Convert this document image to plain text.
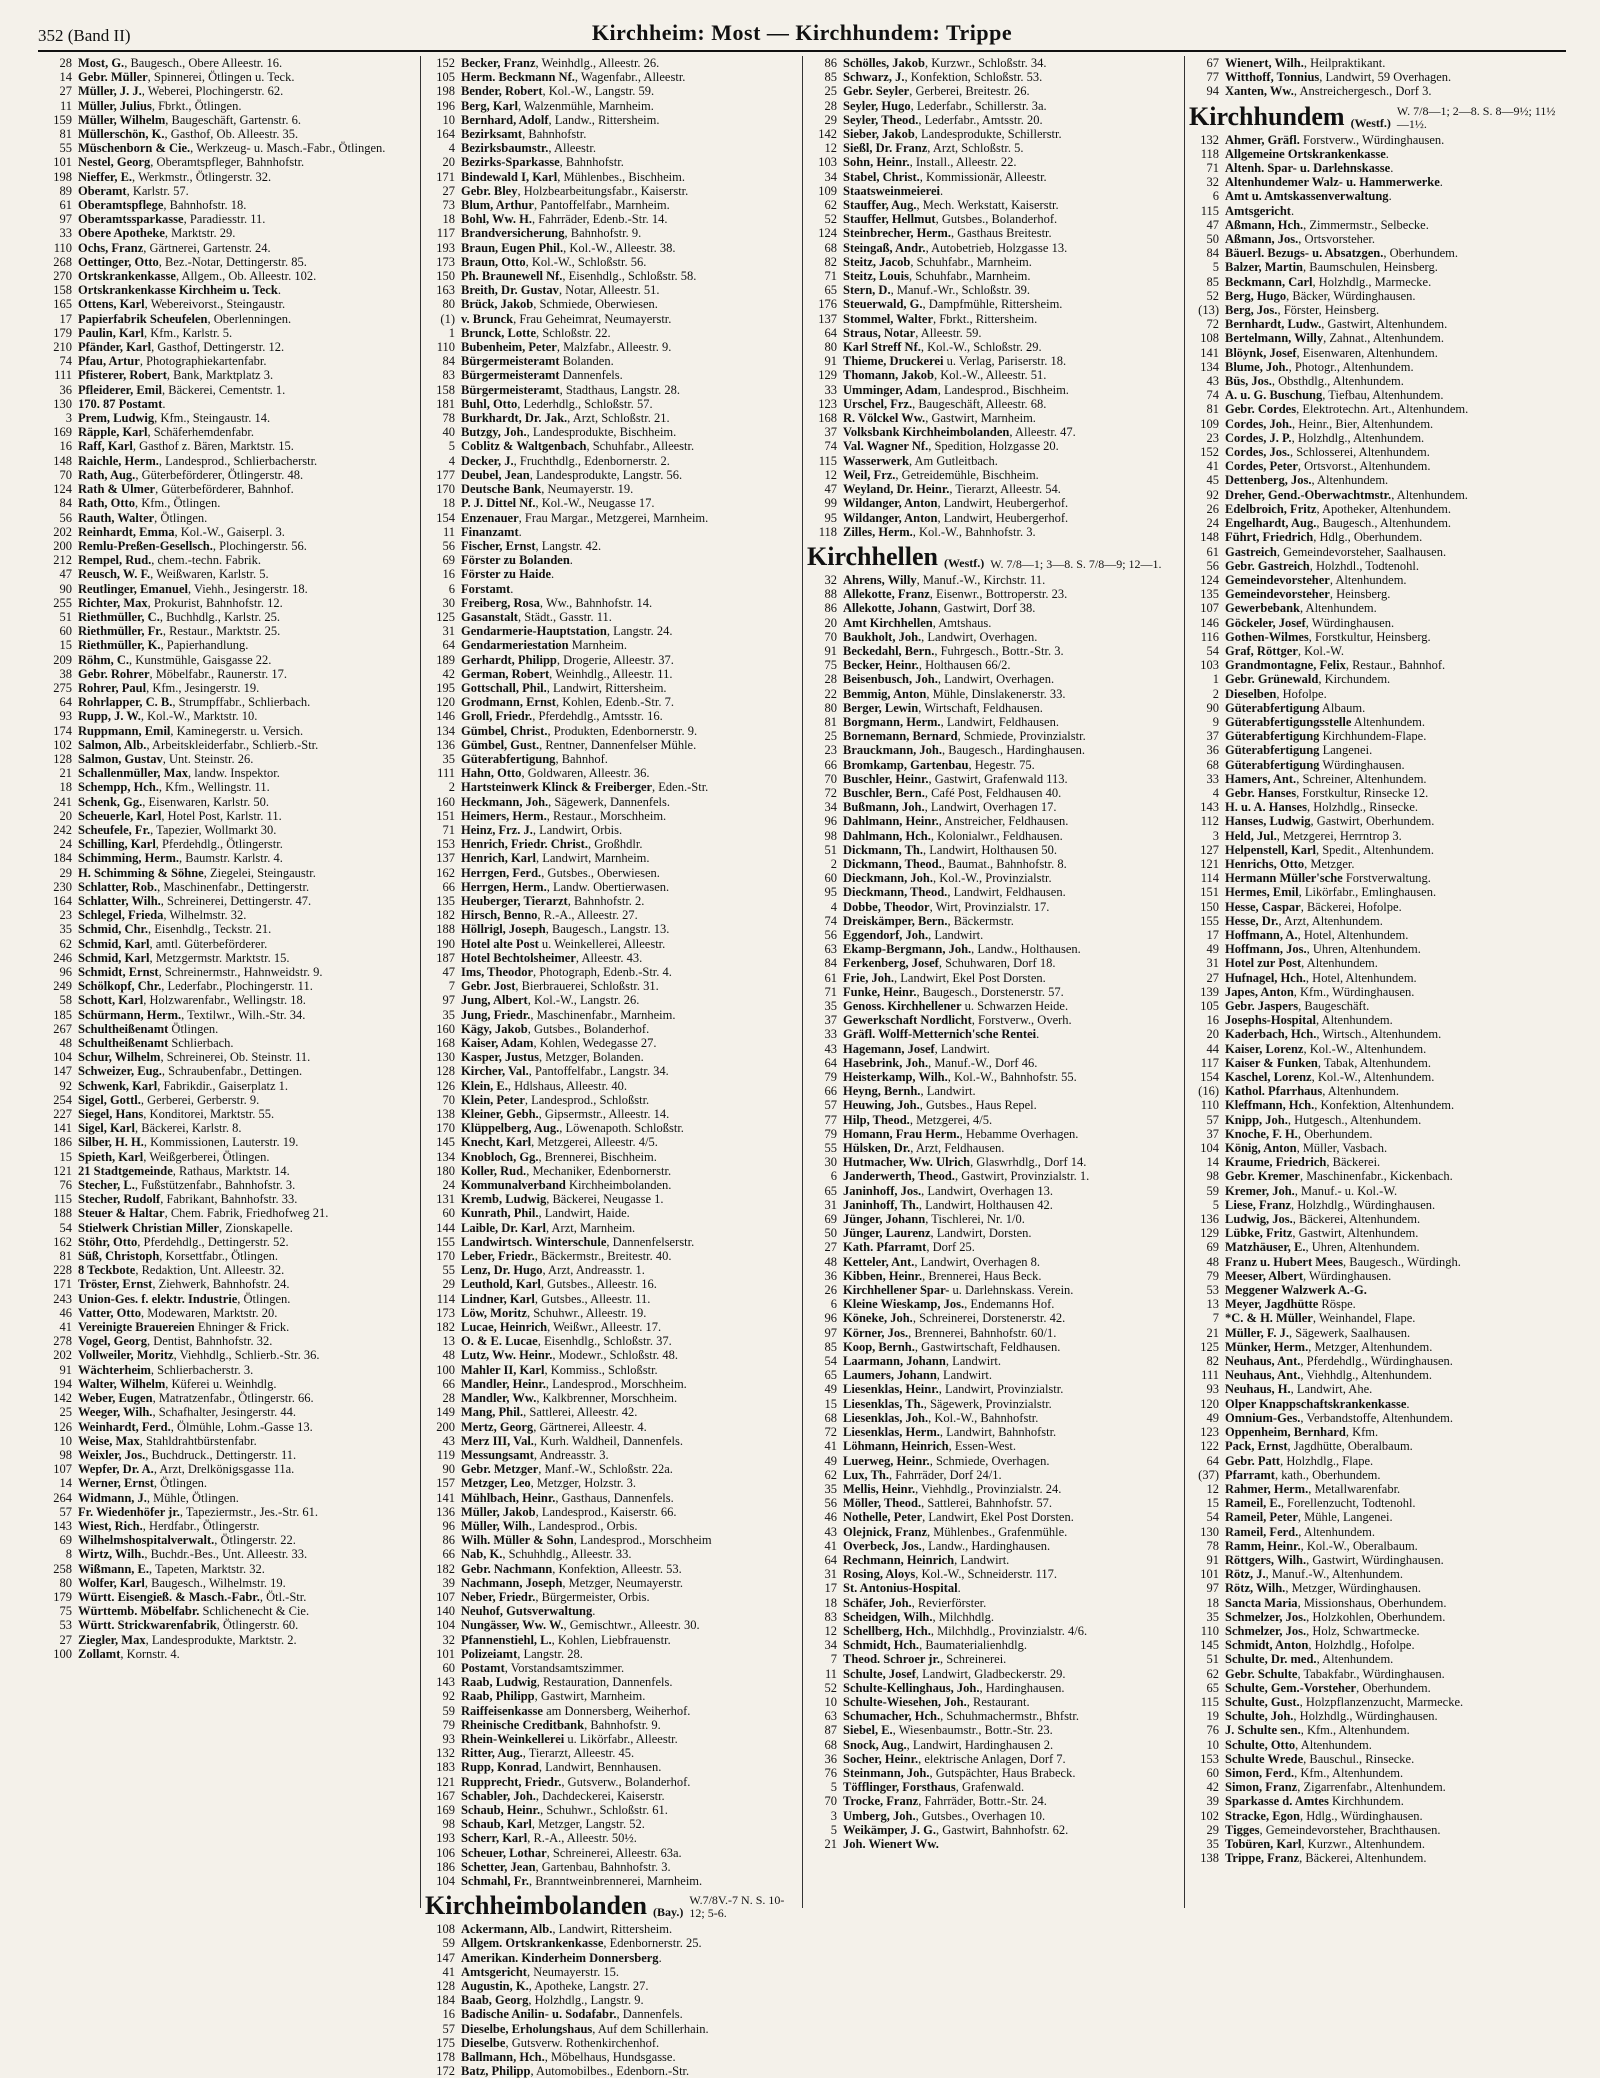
352 (Band II)	Kirchheim: Most — Kirchhundem: Trippe
28 Most, G., Baugesch., Obere Alleestr. 16.
14 Gebr. Müller, Spinnerei, Ötlingen u. Teck.
27 Müller, J. J., Weberei, Plochingerstr. 62.
11 Müller, Julius, Fbrkt., Ötlingen.
159 Müller, Wilhelm, Baugeschäft, Gartenstr. 6.
81 Müllerschön, K., Gasthof, Ob. Alleestr. 35.
55 Müschenborn & Cie., Werkzeug- u. Masch.-Fabr., Ötlingen.
101 Nestel, Georg, Oberamtspfleger, Bahnhofstr.
198 Nieffer, E., Werkmstr., Ötlingerstr. 32.
89 Oberamt, Karlstr. 57.
61 Oberamtspflege, Bahnhofstr. 18.
97 Oberamtssparkasse, Paradiesstr. 11.
33 Obere Apotheke, Marktstr. 29.
110 Ochs, Franz, Gärtnerei, Gartenstr. 24.
268 Oettinger, Otto, Bez.-Notar, Dettingerstr. 85.
270 Ortskrankenkasse, Allgem., Ob. Alleestr. 102.
158 Ortskrankenkasse Kirchheim u. Teck.
165 Ottens, Karl, Webereivorst., Steingaustr.
17 Papierfabrik Scheufelen, Oberlenningen.
179 Paulin, Karl, Kfm., Karlstr. 5.
210 Pfänder, Karl, Gasthof, Dettingerstr. 12.
74 Pfau, Artur, Photographiekartenfabr.
111 Pfisterer, Robert, Bank, Marktplatz 3.
36 Pfleiderer, Emil, Bäckerei, Cementstr. 1.
130 170. 87 Postamt.
3 Prem, Ludwig, Kfm., Steingaustr. 14.
169 Räpple, Karl, Schäferhemdenfabr.
16 Raff, Karl, Gasthof z. Bären, Marktstr. 15.
148 Raichle, Herm., Landesprod., Schlierbacherstr.
70 Rath, Aug., Güterbeförderer, Ötlingerstr. 48.
124 Rath & Ulmer, Güterbeförderer, Bahnhof.
84 Rath, Otto, Kfm., Ötlingen.
56 Rauth, Walter, Ötlingen.
202 Reinhardt, Emma, Kol.-W., Gaiserpl. 3.
200 Remlu-Preßen-Gesellsch., Plochingerstr. 56.
212 Rempel, Rud., chem.-techn. Fabrik.
47 Reusch, W. F., Weißwaren, Karlstr. 5.
90 Reutlinger, Emanuel, Viehh., Jesingerstr. 18.
255 Richter, Max, Prokurist, Bahnhofstr. 12.
51 Riethmüller, C., Buchhdlg., Karlstr. 25.
60 Riethmüller, Fr., Restaur., Marktstr. 25.
15 Riethmüller, K., Papierhandlung.
209 Röhm, C., Kunstmühle, Gaisgasse 22.
38 Gebr. Rohrer, Möbelfabr., Raunerstr. 17.
275 Rohrer, Paul, Kfm., Jesingerstr. 19.
64 Rohrlapper, C. B., Strumpffabr., Schlierbach.
93 Rupp, J. W., Kol.-W., Marktstr. 10.
174 Ruppmann, Emil, Kaminegerstr. u. Versich.
102 Salmon, Alb., Arbeitskleiderfabr., Schlierb.-Str.
128 Salmon, Gustav, Unt. Steinstr. 26.
21 Schallenmüller, Max, landw. Inspektor.
18 Schempp, Hch., Kfm., Wellingstr. 11.
241 Schenk, Gg., Eisenwaren, Karlstr. 50.
20 Scheuerle, Karl, Hotel Post, Karlstr. 11.
242 Scheufele, Fr., Tapezier, Wollmarkt 30.
24 Schilling, Karl, Pferdehdlg., Ötlingerstr.
184 Schimming, Herm., Baumstr. Karlstr. 4.
29 H. Schimming & Söhne, Ziegelei, Steingaustr.
230 Schlatter, Rob., Maschinenfabr., Dettingerstr.
164 Schlatter, Wilh., Schreinerei, Dettingerstr. 47.
23 Schlegel, Frieda, Wilhelmstr. 32.
35 Schmid, Chr., Eisenhdlg., Teckstr. 21.
62 Schmid, Karl, amtl. Güterbeförderer.
246 Schmid, Karl, Metzgermstr. Marktstr. 15.
96 Schmidt, Ernst, Schreinermstr., Hahnweidstr. 9.
249 Schölkopf, Chr., Lederfabr., Plochingerstr. 11.
58 Schott, Karl, Holzwarenfabr., Wellingstr. 18.
185 Schürmann, Herm., Textilwr., Wilh.-Str. 34.
267 Schultheißenamt Ötlingen.
48 Schultheißenamt Schlierbach.
104 Schur, Wilhelm, Schreinerei, Ob. Steinstr. 11.
147 Schweizer, Eug., Schraubenfabr., Dettingen.
92 Schwenk, Karl, Fabrikdir., Gaiserplatz 1.
254 Sigel, Gottl., Gerberei, Gerberstr. 9.
227 Siegel, Hans, Konditorei, Marktstr. 55.
141 Sigel, Karl, Bäckerei, Karlstr. 8.
186 Silber, H. H., Kommissionen, Lauterstr. 19.
15 Spieth, Karl, Weißgerberei, Ötlingen.
121 21 Stadtgemeinde, Rathaus, Marktstr. 14.
76 Stecher, L., Fußstützenfabr., Bahnhofstr. 3.
115 Stecher, Rudolf, Fabrikant, Bahnhofstr. 33.
188 Steuer & Haltar, Chem. Fabrik, Friedhofweg 21.
54 Stielwerk Christian Miller, Zionskapelle.
162 Stöhr, Otto, Pferdehdlg., Dettingerstr. 52.
81 Süß, Christoph, Korsettfabr., Ötlingen.
228 8 Teckbote, Redaktion, Unt. Alleestr. 32.
171 Tröster, Ernst, Ziehwerk, Bahnhofstr. 24.
243 Union-Ges. f. elektr. Industrie, Ötlingen.
46 Vatter, Otto, Modewaren, Marktstr. 20.
41 Vereinigte Brauereien Ehninger & Frick.
278 Vogel, Georg, Dentist, Bahnhofstr. 32.
202 Vollweiler, Moritz, Viehhdlg., Schlierb.-Str. 36.
91 Wächterheim, Schlierbacherstr. 3.
194 Walter, Wilhelm, Küferei u. Weinhdlg.
142 Weber, Eugen, Matratzenfabr., Ötlingerstr. 66.
25 Weeger, Wilh., Schafhalter, Jesingerstr. 44.
126 Weinhardt, Ferd., Ölmühle, Lohm.-Gasse 13.
10 Weise, Max, Stahldrahtbürstenfabr.
98 Weixler, Jos., Buchdruck., Dettingerstr. 11.
107 Wepfer, Dr. A., Arzt, Drelkönigsgasse 11a.
14 Werner, Ernst, Ötlingen.
264 Widmann, J., Mühle, Ötlingen.
57 Fr. Wiedenhöfer jr., Tapeziermstr., Jes.-Str. 61.
143 Wiest, Rich., Herdfabr., Ötlingerstr.
69 Wilhelmshospitalverwalt., Ötlingerstr. 22.
8 Wirtz, Wilh., Buchdr.-Bes., Unt. Alleestr. 33.
258 Wißmann, E., Tapeten, Marktstr. 32.
80 Wolfer, Karl, Baugesch., Wilhelmstr. 19.
179 Württ. Eisengieß. & Masch.-Fabr., Ötl.-Str.
75 Württemb. Möbelfabr. Schlichenecht & Cie.
53 Württ. Strickwarenfabrik, Ötlingerstr. 60.
27 Ziegler, Max, Landesprodukte, Marktstr. 2.
100 Zollamt, Kornstr. 4.
152 Becker, Franz, Weinhdlg., Alleestr. 26.
105 Herm. Beckmann Nf., Wagenfabr., Alleestr.
198 Bender, Robert, Kol.-W., Langstr. 59.
196 Berg, Karl, Walzenmühle, Marnheim.
10 Bernhard, Adolf, Landw., Rittersheim.
164 Bezirksamt, Bahnhofstr.
4 Bezirksbaumstr., Alleestr.
20 Bezirks-Sparkasse, Bahnhofstr.
171 Bindewald I, Karl, Mühlenbes., Bischheim.
27 Gebr. Bley, Holzbearbeitungsfabr., Kaiserstr.
73 Blum, Arthur, Pantoffelfabr., Marnheim.
18 Bohl, Ww. H., Fahrräder, Edenb.-Str. 14.
117 Brandversicherung, Bahnhofstr. 9.
193 Braun, Eugen Phil., Kol.-W., Alleestr. 38.
173 Braun, Otto, Kol.-W., Schloßstr. 56.
150 Ph. Braunewell Nf., Eisenhdlg., Schloßstr. 58.
163 Breith, Dr. Gustav, Notar, Alleestr. 51.
80 Brück, Jakob, Schmiede, Oberwiesen.
(1) v. Brunck, Frau Geheimrat, Neumayerstr.
1 Brunck, Lotte, Schloßstr. 22.
110 Bubenheim, Peter, Malzfabr., Alleestr. 9.
84 Bürgermeisteramt Bolanden.
83 Bürgermeisteramt Dannenfels.
158 Bürgermeisteramt, Stadthaus, Langstr. 28.
181 Buhl, Otto, Lederhdlg., Schloßstr. 57.
78 Burkhardt, Dr. Jak., Arzt, Schloßstr. 21.
40 Butzgy, Joh., Landesprodukte, Bischheim.
5 Coblitz & Waltgenbach, Schuhfabr., Alleestr.
4 Decker, J., Fruchthdlg., Edenbornerstr. 2.
177 Deubel, Jean, Landesprodukte, Langstr. 56.
170 Deutsche Bank, Neumayerstr. 19.
18 P. J. Dittel Nf., Kol.-W., Neugasse 17.
154 Enzenauer, Frau Margar., Metzgerei, Marnheim.
11 Finanzamt.
56 Fischer, Ernst, Langstr. 42.
69 Förster zu Bolanden.
16 Förster zu Haide.
6 Forstamt.
30 Freiberg, Rosa, Ww., Bahnhofstr. 14.
125 Gasanstalt, Städt., Gasstr. 11.
31 Gendarmerie-Hauptstation, Langstr. 24.
64 Gendarmeriestation Marnheim.
189 Gerhardt, Philipp, Drogerie, Alleestr. 37.
42 German, Robert, Weinhdlg., Alleestr. 11.
195 Gottschall, Phil., Landwirt, Rittersheim.
120 Grodmann, Ernst, Kohlen, Edenb.-Str. 7.
146 Groll, Friedr., Pferdehdlg., Amtsstr. 16.
134 Gümbel, Christ., Produkten, Edenbornerstr. 9.
136 Gümbel, Gust., Rentner, Dannenfelser Mühle.
35 Güterabfertigung, Bahnhof.
111 Hahn, Otto, Goldwaren, Alleestr. 36.
2 Hartsteinwerk Klinck & Freiberger, Eden.-Str.
160 Heckmann, Joh., Sägewerk, Dannenfels.
151 Heimers, Herm., Restaur., Morschheim.
71 Heinz, Frz. J., Landwirt, Orbis.
153 Henrich, Friedr. Christ., Großhdlr.
137 Henrich, Karl, Landwirt, Marnheim.
162 Herrgen, Ferd., Gutsbes., Oberwiesen.
66 Herrgen, Herm., Landw. Obertierwasen.
135 Heuberger, Tierarzt, Bahnhofstr. 2.
182 Hirsch, Benno, R.-A., Alleestr. 27.
188 Höllrigl, Joseph, Baugesch., Langstr. 13.
190 Hotel alte Post u. Weinkellerei, Alleestr.
187 Hotel Bechtolsheimer, Alleestr. 43.
47 Ims, Theodor, Photograph, Edenb.-Str. 4.
7 Gebr. Jost, Bierbrauerei, Schloßstr. 31.
97 Jung, Albert, Kol.-W., Langstr. 26.
35 Jung, Friedr., Maschinenfabr., Marnheim.
160 Kägy, Jakob, Gutsbes., Bolanderhof.
168 Kaiser, Adam, Kohlen, Wedegasse 27.
130 Kasper, Justus, Metzger, Bolanden.
128 Kircher, Val., Pantoffelfabr., Langstr. 34.
126 Klein, E., Hdlshaus, Alleestr. 40.
70 Klein, Peter, Landesprod., Schloßstr.
138 Kleiner, Gebh., Gipsermstr., Alleestr. 14.
170 Klüppelberg, Aug., Löwenapoth. Schloßstr.
145 Knecht, Karl, Metzgerei, Alleestr. 4/5.
134 Knobloch, Gg., Brennerei, Bischheim.
180 Koller, Rud., Mechaniker, Edenbornerstr.
24 Kommunalverband Kirchheimbolanden.
131 Kremb, Ludwig, Bäckerei, Neugasse 1.
60 Kunrath, Phil., Landwirt, Haide.
144 Laible, Dr. Karl, Arzt, Marnheim.
155 Landwirtsch. Winterschule, Dannenfelserstr.
170 Leber, Friedr., Bäckermstr., Breitestr. 40.
55 Lenz, Dr. Hugo, Arzt, Andreasstr. 1.
29 Leuthold, Karl, Gutsbes., Alleestr. 16.
114 Lindner, Karl, Gutsbes., Alleestr. 11.
173 Löw, Moritz, Schuhwr., Alleestr. 19.
182 Lucae, Heinrich, Weißwr., Alleestr. 17.
13 O. & E. Lucae, Eisenhdlg., Schloßstr. 37.
48 Lutz, Ww. Heinr., Modewr., Schloßstr. 48.
100 Mahler II, Karl, Kommiss., Schloßstr.
66 Mandler, Heinr., Landesprod., Morschheim.
28 Mandler, Ww., Kalkbrenner, Morschheim.
149 Mang, Phil., Sattlerei, Alleestr. 42.
200 Mertz, Georg, Gärtnerei, Alleestr. 4.
43 Merz III, Val., Kurh. Waldheil, Dannenfels.
119 Messungsamt, Andreasstr. 3.
90 Gebr. Metzger, Manf.-W., Schloßstr. 22a.
157 Metzger, Leo, Metzger, Holzstr. 3.
141 Mühlbach, Heinr., Gasthaus, Dannenfels.
136 Müller, Jakob, Landesprod., Kaiserstr. 66.
96 Müller, Wilh., Landesprod., Orbis.
86 Wilh. Müller & Sohn, Landesprod., Morschheim
66 Nab, K., Schuhhdlg., Alleestr. 33.
182 Gebr. Nachmann, Konfektion, Alleestr. 53.
39 Nachmann, Joseph, Metzger, Neumayerstr.
107 Neber, Friedr., Bürgermeister, Orbis.
140 Neuhof, Gutsverwaltung.
104 Nungässer, Ww. W., Gemischtwr., Alleestr. 30.
32 Pfannenstiehl, L., Kohlen, Liebfrauenstr.
101 Polizeiamt, Langstr. 28.
60 Postamt, Vorstandsamtszimmer.
143 Raab, Ludwig, Restauration, Dannenfels.
92 Raab, Philipp, Gastwirt, Marnheim.
59 Raiffeisenkasse am Donnersberg, Weiherhof.
79 Rheinische Creditbank, Bahnhofstr. 9.
93 Rhein-Weinkellerei u. Likörfabr., Alleestr.
132 Ritter, Aug., Tierarzt, Alleestr. 45.
183 Rupp, Konrad, Landwirt, Bennhausen.
121 Rupprecht, Friedr., Gutsverw., Bolanderhof.
167 Schabler, Joh., Dachdeckerei, Kaiserstr.
169 Schaub, Heinr., Schuhwr., Schloßstr. 61.
98 Schaub, Karl, Metzger, Langstr. 52.
193 Scherr, Karl, R.-A., Alleestr. 50½.
106 Scheuer, Lothar, Schreinerei, Alleestr. 63a.
186 Schetter, Jean, Gartenbau, Bahnhofstr. 3.
104 Schmahl, Fr., Branntweinbrennerei, Marnheim.
Kirchheimbolanden (Bay.)
W.7/8V.-7 N. S. 10-12; 5-6.
108 Ackermann, Alb., Landwirt, Rittersheim.
59 Allgem. Ortskrankenkasse, Edenbornerstr. 25.
147 Amerikan. Kinderheim Donnersberg.
41 Amtsgericht, Neumayerstr. 15.
128 Augustin, K., Apotheke, Langstr. 27.
184 Baab, Georg, Holzhdlg., Langstr. 9.
16 Badische Anilin- u. Sodafabr., Dannenfels.
57 Dieselbe, Erholungshaus, Auf dem Schillerhain.
175 Dieselbe, Gutsverw. Rothenkirchenhof.
178 Ballmann, Hch., Möbelhaus, Hundsgasse.
172 Batz, Philipp, Automobilbes., Edenborn.-Str.
86 Schölles, Jakob, Kurzwr., Schloßstr. 34.
85 Schwarz, J., Konfektion, Schloßstr. 53.
25 Gebr. Seyler, Gerberei, Breitestr. 26.
28 Seyler, Hugo, Lederfabr., Schillerstr. 3a.
29 Seyler, Theod., Lederfabr., Amtsstr. 20.
142 Sieber, Jakob, Landesprodukte, Schillerstr.
12 Sießl, Dr. Franz, Arzt, Schloßstr. 5.
103 Sohn, Heinr., Install., Alleestr. 22.
34 Stabel, Christ., Kommissionär, Alleestr.
109 Staatsweinmeierei.
62 Stauffer, Aug., Mech. Werkstatt, Kaiserstr.
52 Stauffer, Hellmut, Gutsbes., Bolanderhof.
124 Steinbrecher, Herm., Gasthaus Breitestr.
68 Steingaß, Andr., Autobetrieb, Holzgasse 13.
82 Steitz, Jacob, Schuhfabr., Marnheim.
71 Steitz, Louis, Schuhfabr., Marnheim.
65 Stern, D., Manuf.-Wr., Schloßstr. 39.
176 Steuerwald, G., Dampfmühle, Rittersheim.
137 Stommel, Walter, Fbrkt., Rittersheim.
64 Straus, Notar, Alleestr. 59.
80 Karl Streff Nf., Kol.-W., Schloßstr. 29.
91 Thieme, Druckerei u. Verlag, Pariserstr. 18.
129 Thomann, Jakob, Kol.-W., Alleestr. 51.
33 Umminger, Adam, Landesprod., Bischheim.
123 Urschel, Frz., Baugeschäft, Alleestr. 68.
168 R. Völckel Ww., Gastwirt, Marnheim.
37 Volksbank Kirchheimbolanden, Alleestr. 47.
74 Val. Wagner Nf., Spedition, Holzgasse 20.
115 Wasserwerk, Am Gutleitbach.
12 Weil, Frz., Getreidemühle, Bischheim.
47 Weyland, Dr. Heinr., Tierarzt, Alleestr. 54.
99 Wildanger, Anton, Landwirt, Heubergerhof.
95 Wildanger, Anton, Landwirt, Heubergerhof.
118 Zilles, Herm., Kol.-W., Bahnhofstr. 3.
Kirchhellen (Westf.) W. 7/8—1; 3—8. S. 7/8—9; 12—1.
32 Ahrens, Willy, Manuf.-W., Kirchstr. 11.
88 Allekotte, Franz, Eisenwr., Bottroperstr. 23.
86 Allekotte, Johann, Gastwirt, Dorf 38.
20 Amt Kirchhellen, Amtshaus.
70 Baukholt, Joh., Landwirt, Overhagen.
91 Beckedahl, Bern., Fuhrgesch., Bottr.-Str. 3.
75 Becker, Heinr., Holthausen 66/2.
28 Beisenbusch, Joh., Landwirt, Overhagen.
22 Bemmig, Anton, Mühle, Dinslakenerstr. 33.
80 Berger, Lewin, Wirtschaft, Feldhausen.
81 Borgmann, Herm., Landwirt, Feldhausen.
25 Bornemann, Bernard, Schmiede, Provinzialstr.
23 Brauckmann, Joh., Baugesch., Hardinghausen.
66 Bromkamp, Gartenbau, Hegestr. 75.
70 Buschler, Heinr., Gastwirt, Grafenwald 113.
72 Buschler, Bern., Café Post, Feldhausen 40.
34 Bußmann, Joh., Landwirt, Overhagen 17.
96 Dahlmann, Heinr., Anstreicher, Feldhausen.
98 Dahlmann, Hch., Kolonialwr., Feldhausen.
51 Dickmann, Th., Landwirt, Holthausen 50.
2 Dickmann, Theod., Baumat., Bahnhofstr. 8.
60 Dieckmann, Joh., Kol.-W., Provinzialstr.
95 Dieckmann, Theod., Landwirt, Feldhausen.
4 Dobbe, Theodor, Wirt, Provinzialstr. 17.
74 Dreiskämper, Bern., Bäckermstr.
56 Eggendorf, Joh., Landwirt.
63 Ekamp-Bergmann, Joh., Landw., Holthausen.
84 Ferkenberg, Josef, Schuhwaren, Dorf 18.
61 Frie, Joh., Landwirt, Ekel Post Dorsten.
71 Funke, Heinr., Baugesch., Dorstenerstr. 57.
35 Genoss. Kirchhellener u. Schwarzen Heide.
37 Gewerkschaft Nordlicht, Forstverw., Overh.
33 Gräfl. Wolff-Metternich'sche Rentei.
43 Hagemann, Josef, Landwirt.
64 Hasebrink, Joh., Manuf.-W., Dorf 46.
79 Heisterkamp, Wilh., Kol.-W., Bahnhofstr. 55.
66 Heyng, Bernh., Landwirt.
57 Heuwing, Joh., Gutsbes., Haus Repel.
77 Hilp, Theod., Metzgerei, 4/5.
79 Homann, Frau Herm., Hebamme Overhagen.
55 Hülsken, Dr., Arzt, Feldhausen.
30 Hutmacher, Ww. Ulrich, Glaswrhdlg., Dorf 14.
6 Janderwerth, Theod., Gastwirt, Provinzialstr. 1.
65 Janinhoff, Jos., Landwirt, Overhagen 13.
31 Janinhoff, Th., Landwirt, Holthausen 42.
69 Jünger, Johann, Tischlerei, Nr. 1/0.
50 Jünger, Laurenz, Landwirt, Dorsten.
27 Kath. Pfarramt, Dorf 25.
48 Ketteler, Ant., Landwirt, Overhagen 8.
36 Kibben, Heinr., Brennerei, Haus Beck.
26 Kirchhellener Spar- u. Darlehnskass. Verein.
6 Kleine Wieskamp, Jos., Endemanns Hof.
96 Köneke, Joh., Schreinerei, Dorstenerstr. 42.
97 Körner, Jos., Brennerei, Bahnhofstr. 60/1.
85 Koop, Bernh., Gastwirtschaft, Feldhausen.
54 Laarmann, Johann, Landwirt.
65 Laumers, Johann, Landwirt.
49 Liesenklas, Heinr., Landwirt, Provinzialstr.
15 Liesenklas, Th., Sägewerk, Provinzialstr.
68 Liesenklas, Joh., Kol.-W., Bahnhofstr.
72 Liesenklas, Herm., Landwirt, Bahnhofstr.
41 Löhmann, Heinrich, Essen-West.
49 Luerweg, Heinr., Schmiede, Overhagen.
62 Lux, Th., Fahrräder, Dorf 24/1.
35 Mellis, Heinr., Viehhdlg., Provinzialstr. 24.
56 Möller, Theod., Sattlerei, Bahnhofstr. 57.
46 Nothelle, Peter, Landwirt, Ekel Post Dorsten.
43 Olejnick, Franz, Mühlenbes., Grafenmühle.
41 Overbeck, Jos., Landw., Hardinghausen.
64 Rechmann, Heinrich, Landwirt.
31 Rosing, Aloys, Kol.-W., Schneiderstr. 117.
17 St. Antonius-Hospital.
18 Schäfer, Joh., Revierförster.
83 Scheidgen, Wilh., Milchhdlg.
12 Schellberg, Hch., Milchhdlg., Provinzialstr. 4/6.
34 Schmidt, Hch., Baumaterialienhdlg.
7 Theod. Schroer jr., Schreinerei.
11 Schulte, Josef, Landwirt, Gladbeckerstr. 29.
52 Schulte-Kellinghaus, Joh., Hardinghausen.
10 Schulte-Wiesehen, Joh., Restaurant.
63 Schumacher, Hch., Schuhmachermstr., Bhfstr.
87 Siebel, E., Wiesenbaumstr., Bottr.-Str. 23.
68 Snock, Aug., Landwirt, Hardinghausen 2.
36 Socher, Heinr., elektrische Anlagen, Dorf 7.
76 Steinmann, Joh., Gutspächter, Haus Brabeck.
5 Töfflinger, Forsthaus, Grafenwald.
70 Trocke, Franz, Fahrräder, Bottr.-Str. 24.
3 Umberg, Joh., Gutsbes., Overhagen 10.
5 Weikämper, J. G., Gastwirt, Bahnhofstr. 62.
21 Joh. Wienert Ww.
67 Wienert, Wilh., Heilpraktikant.
77 Witthoff, Tonnius, Landwirt, 59 Overhagen.
94 Xanten, Ww., Anstreichergesch., Dorf 3.
Kirchhundem (Westf.)
W. 7/8—1; 2—8. S. 8—9½; 11½—1½.
132 Ahmer, Gräfl. Forstverw., Würdinghausen.
118 Allgemeine Ortskrankenkasse.
71 Altenh. Spar- u. Darlehnskasse.
32 Altenhundemer Walz- u. Hammerwerke.
6 Amt u. Amtskassenverwaltung.
115 Amtsgericht.
47 Aßmann, Hch., Zimmermstr., Selbecke.
50 Aßmann, Jos., Ortsvorsteher.
84 Bäuerl. Bezugs- u. Absatzgen., Oberhundem.
5 Balzer, Martin, Baumschulen, Heinsberg.
85 Beckmann, Carl, Holzhdlg., Marmecke.
52 Berg, Hugo, Bäcker, Würdinghausen.
(13) Berg, Jos., Förster, Heinsberg.
72 Bernhardt, Ludw., Gastwirt, Altenhundem.
108 Bertelmann, Willy, Zahnat., Altenhundem.
141 Blöynk, Josef, Eisenwaren, Altenhundem.
134 Blume, Joh., Photogr., Altenhundem.
43 Büs, Jos., Obsthdlg., Altenhundem.
74 A. u. G. Buschung, Tiefbau, Altenhundem.
81 Gebr. Cordes, Elektrotechn. Art., Altenhundem.
109 Cordes, Joh., Heinr., Bier, Altenhundem.
23 Cordes, J. P., Holzhdlg., Altenhundem.
152 Cordes, Jos., Schlosserei, Altenhundem.
41 Cordes, Peter, Ortsvorst., Altenhundem.
45 Dettenberg, Jos., Altenhundem.
92 Dreher, Gend.-Oberwachtmstr., Altenhundem.
26 Edelbroich, Fritz, Apotheker, Altenhundem.
24 Engelhardt, Aug., Baugesch., Altenhundem.
148 Führt, Friedrich, Hdlg., Oberhundem.
61 Gastreich, Gemeindevorsteher, Saalhausen.
56 Gebr. Gastreich, Holzhdl., Todtenohl.
124 Gemeindevorsteher, Altenhundem.
135 Gemeindevorsteher, Heinsberg.
107 Gewerbebank, Altenhundem.
146 Göckeler, Josef, Würdinghausen.
116 Gothen-Wilmes, Forstkultur, Heinsberg.
54 Graf, Röttger, Kol.-W.
103 Grandmontagne, Felix, Restaur., Bahnhof.
1 Gebr. Grünewald, Kirchundem.
2 Dieselben, Hofolpe.
90 Güterabfertigung Albaum.
9 Güterabfertigungsstelle Altenhundem.
37 Güterabfertigung Kirchhundem-Flape.
36 Güterabfertigung Langenei.
68 Güterabfertigung Würdinghausen.
33 Hamers, Ant., Schreiner, Altenhundem.
4 Gebr. Hanses, Forstkultur, Rinsecke 12.
143 H. u. A. Hanses, Holzhdlg., Rinsecke.
112 Hanses, Ludwig, Gastwirt, Oberhundem.
3 Held, Jul., Metzgerei, Herrntrop 3.
127 Helpenstell, Karl, Spedit., Altenhundem.
121 Henrichs, Otto, Metzger.
114 Hermann Müller'sche Forstverwaltung.
151 Hermes, Emil, Likörfabr., Emlinghausen.
150 Hesse, Caspar, Bäckerei, Hofolpe.
155 Hesse, Dr., Arzt, Altenhundem.
17 Hoffmann, A., Hotel, Altenhundem.
49 Hoffmann, Jos., Uhren, Altenhundem.
31 Hotel zur Post, Altenhundem.
27 Hufnagel, Hch., Hotel, Altenhundem.
139 Japes, Anton, Kfm., Würdinghausen.
105 Gebr. Jaspers, Baugeschäft.
16 Josephs-Hospital, Altenhundem.
20 Kaderbach, Hch., Wirtsch., Altenhundem.
44 Kaiser, Lorenz, Kol.-W., Altenhundem.
117 Kaiser & Funken, Tabak, Altenhundem.
154 Kaschel, Lorenz, Kol.-W., Altenhundem.
(16) Kathol. Pfarrhaus, Altenhundem.
110 Kleffmann, Hch., Konfektion, Altenhundem.
57 Knipp, Joh., Hutgesch., Altenhundem.
37 Knoche, F. H., Oberhundem.
104 König, Anton, Müller, Vasbach.
14 Kraume, Friedrich, Bäckerei.
98 Gebr. Kremer, Maschinenfabr., Kickenbach.
59 Kremer, Joh., Manuf.- u. Kol.-W.
5 Liese, Franz, Holzhdlg., Würdinghausen.
136 Ludwig, Jos., Bäckerei, Altenhundem.
129 Lübke, Fritz, Gastwirt, Altenhundem.
69 Matzhäuser, E., Uhren, Altenhundem.
48 Franz u. Hubert Mees, Baugesch., Würdingh.
79 Meeser, Albert, Würdinghausen.
53 Meggener Walzwerk A.-G.
13 Meyer, Jagdhütte Röspe.
7 *C. & H. Müller, Weinhandel, Flape.
21 Müller, F. J., Sägewerk, Saalhausen.
125 Münker, Herm., Metzger, Altenhundem.
82 Neuhaus, Ant., Pferdehdlg., Würdinghausen.
111 Neuhaus, Ant., Viehhdlg., Altenhundem.
93 Neuhaus, H., Landwirt, Ahe.
120 Olper Knappschaftskrankenkasse.
49 Omnium-Ges., Verbandstoffe, Altenhundem.
123 Oppenheim, Bernhard, Kfm.
122 Pack, Ernst, Jagdhütte, Oberalbaum.
64 Gebr. Patt, Holzhdlg., Flape.
(37) Pfarramt, kath., Oberhundem.
12 Rahmer, Herm., Metallwarenfabr.
15 Rameil, E., Forellenzucht, Todtenohl.
54 Rameil, Peter, Mühle, Langenei.
130 Rameil, Ferd., Altenhundem.
78 Ramm, Heinr., Kol.-W., Oberalbaum.
91 Röttgers, Wilh., Gastwirt, Würdinghausen.
101 Rötz, J., Manuf.-W., Altenhundem.
97 Rötz, Wilh., Metzger, Würdinghausen.
18 Sancta Maria, Missionshaus, Oberhundem.
35 Schmelzer, Jos., Holzkohlen, Oberhundem.
110 Schmelzer, Jos., Holz, Schwartmecke.
145 Schmidt, Anton, Holzhdlg., Hofolpe.
51 Schulte, Dr. med., Altenhundem.
62 Gebr. Schulte, Tabakfabr., Würdinghausen.
65 Schulte, Gem.-Vorsteher, Oberhundem.
115 Schulte, Gust., Holzpflanzenzucht, Marmecke.
19 Schulte, Joh., Holzhdlg., Würdinghausen.
76 J. Schulte sen., Kfm., Altenhundem.
10 Schulte, Otto, Altenhundem.
153 Schulte Wrede, Bauschul., Rinsecke.
60 Simon, Ferd., Kfm., Altenhundem.
42 Simon, Franz, Zigarrenfabr., Altenhundem.
39 Sparkasse d. Amtes Kirchhundem.
102 Stracke, Egon, Hdlg., Würdinghausen.
29 Tigges, Gemeindevorsteher, Brachthausen.
35 Tobüren, Karl, Kurzwr., Altenhundem.
138 Trippe, Franz, Bäckerei, Altenhundem.
